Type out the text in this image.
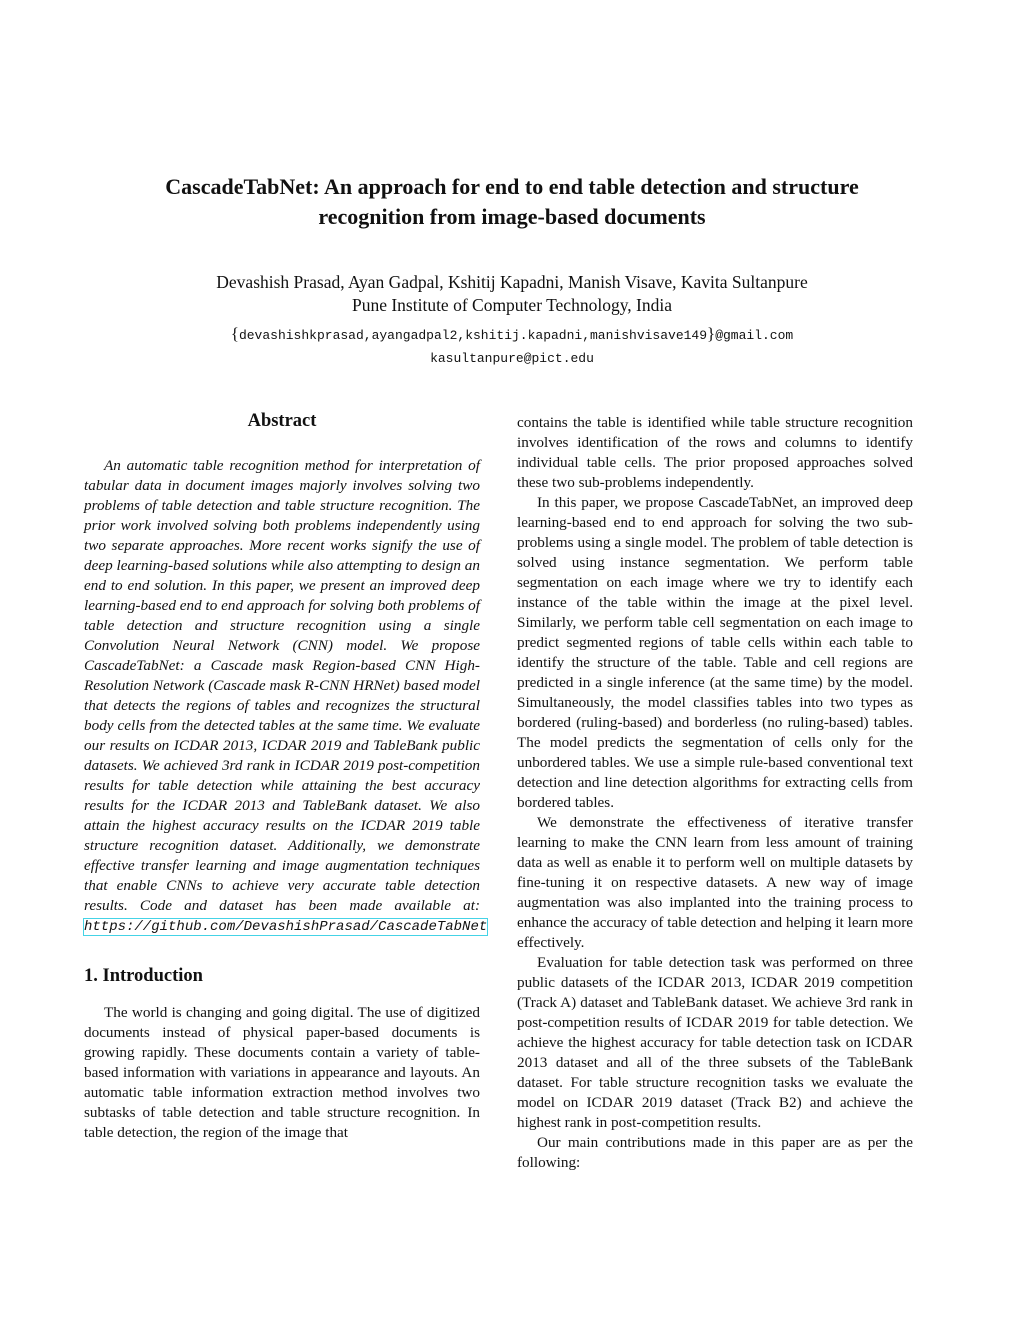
CascadeTabNet: An approach for end to end table detection and structure
recognition from image-based documents
Devashish Prasad, Ayan Gadpal, Kshitij Kapadni, Manish Visave, Kavita Sultanpure
Pune Institute of Computer Technology, India
{devashishkprasad,ayangadpal2,kshitij.kapadni,manishvisave149}@gmail.com
kasultanpure@pict.edu
Abstract

An automatic table recognition method for interpretation of tabular data in document images majorly involves solving two problems of table detection and table structure recognition. The prior work involved solving both problems independently using two separate approaches. More recent works signify the use of deep learning-based solutions while also attempting to design an end to end solution. In this paper, we present an improved deep learning-based end to end approach for solving both problems of table detection and structure recognition using a single Convolution Neural Network (CNN) model. We propose CascadeTabNet: a Cascade mask Region-based CNN High-Resolution Network (Cascade mask R-CNN HRNet) based model that detects the regions of tables and recognizes the structural body cells from the detected tables at the same time. We evaluate our results on ICDAR 2013, ICDAR 2019 and TableBank public datasets. We achieved 3rd rank in ICDAR 2019 post-competition results for table detection while attaining the best accuracy results for the ICDAR 2013 and TableBank dataset. We also attain the highest accuracy results on the ICDAR 2019 table structure recognition dataset. Additionally, we demonstrate effective transfer learning and image augmentation techniques that enable CNNs to achieve very accurate table detection results. Code and dataset has been made available at: https://github.com/DevashishPrasad/CascadeTabNet

1. Introduction

The world is changing and going digital. The use of digitized documents instead of physical paper-based documents is growing rapidly. These documents contain a variety of table-based information with variations in appearance and layouts. An automatic table information extraction method involves two subtasks of table detection and table structure recognition. In table detection, the region of the image that

contains the table is identified while table structure recognition involves identification of the rows and columns to identify individual table cells. The prior proposed approaches solved these two sub-problems independently.

In this paper, we propose CascadeTabNet, an improved deep learning-based end to end approach for solving the two sub-problems using a single model. The problem of table detection is solved using instance segmentation. We perform table segmentation on each image where we try to identify each instance of the table within the image at the pixel level. Similarly, we perform table cell segmentation on each image to predict segmented regions of table cells within each table to identify the structure of the table. Table and cell regions are predicted in a single inference (at the same time) by the model. Simultaneously, the model classifies tables into two types as bordered (ruling-based) and borderless (no ruling-based) tables. The model predicts the segmentation of cells only for the unbordered tables. We use a simple rule-based conventional text detection and line detection algorithms for extracting cells from bordered tables.

We demonstrate the effectiveness of iterative transfer learning to make the CNN learn from less amount of training data as well as enable it to perform well on multiple datasets by fine-tuning it on respective datasets. A new way of image augmentation was also implanted into the training process to enhance the accuracy of table detection and helping it learn more effectively.

Evaluation for table detection task was performed on three public datasets of the ICDAR 2013, ICDAR 2019 competition (Track A) dataset and TableBank dataset. We achieve 3rd rank in post-competition results of ICDAR 2019 for table detection. We achieve the highest accuracy for table detection task on ICDAR 2013 dataset and all of the three subsets of the TableBank dataset. For table structure recognition tasks we evaluate the model on ICDAR 2019 dataset (Track B2) and achieve the highest rank in post-competition results.

Our main contributions made in this paper are as per the following:
